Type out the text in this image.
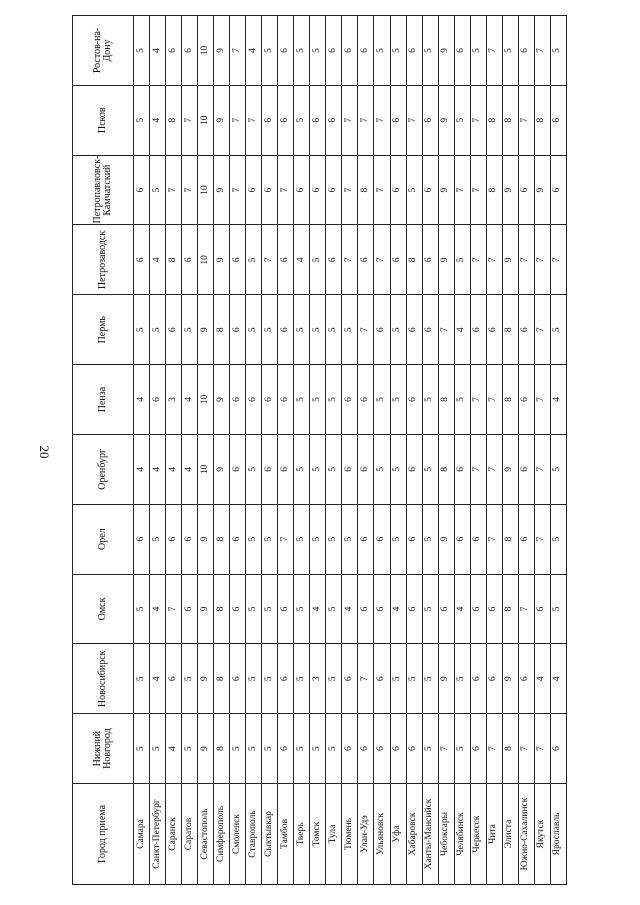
20
Город приема	Нижний Новгород	Новосибирск	Омск	Орел	Оренбург	Пенза	Пермь	Петрозаводск	Петропавловск-Камчатский	Псков	Ростов-на-Дону
Самара	5	5	5	6	4	4	5	6	6	5	5
Санкт-Петербург	5	4	4	5	4	6	5	4	5	4	4
Саранск	4	6	7	6	4	3	6	8	7	8	6
Саратов	5	5	6	6	4	4	5	6	7	7	6
Севастополь	9	9	9	9	10	10	9	10	10	10	10
Симферополь	8	8	8	8	9	9	8	9	9	9	9
Смоленск	5	6	6	6	6	6	6	6	7	7	7
Ставрополь	5	5	5	5	5	6	5	5	6	7	4
Сыктывкар	5	5	5	5	6	6	5	7	6	6	5
Тамбов	6	6	6	7	6	6	6	6	7	6	6
Тверь	5	5	5	5	5	5	5	4	6	5	5
Томск	5	3	4	5	5	5	5	5	6	6	5
Тула	5	5	5	5	5	5	5	6	6	6	6
Тюмень	6	6	4	5	6	6	5	7	7	7	6
Улан-Удэ	6	7	6	6	6	6	7	6	8	7	6
Ульяновск	6	6	6	6	5	5	6	7	7	7	5
Уфа	6	5	4	5	5	5	5	6	6	6	5
Хабаровск	6	5	6	6	6	6	6	8	5	7	6
Ханты-Мансийск	5	5	5	5	5	5	6	6	6	6	5
Чебоксары	7	9	6	9	8	8	7	9	9	9	9
Челябинск	5	5	4	6	6	5	4	5	7	5	6
Черкесск	6	6	6	6	7	7	6	7	7	7	5
Чита	7	6	6	7	7	7	6	7	8	8	7
Элиста	8	9	8	8	9	8	8	9	9	8	5
Южно-Сахалинск	7	6	7	6	6	6	6	7	6	7	6
Якутск	7	4	6	7	7	7	7	7	9	8	7
Ярославль	6	4	5	5	5	4	5	7	6	6	5
